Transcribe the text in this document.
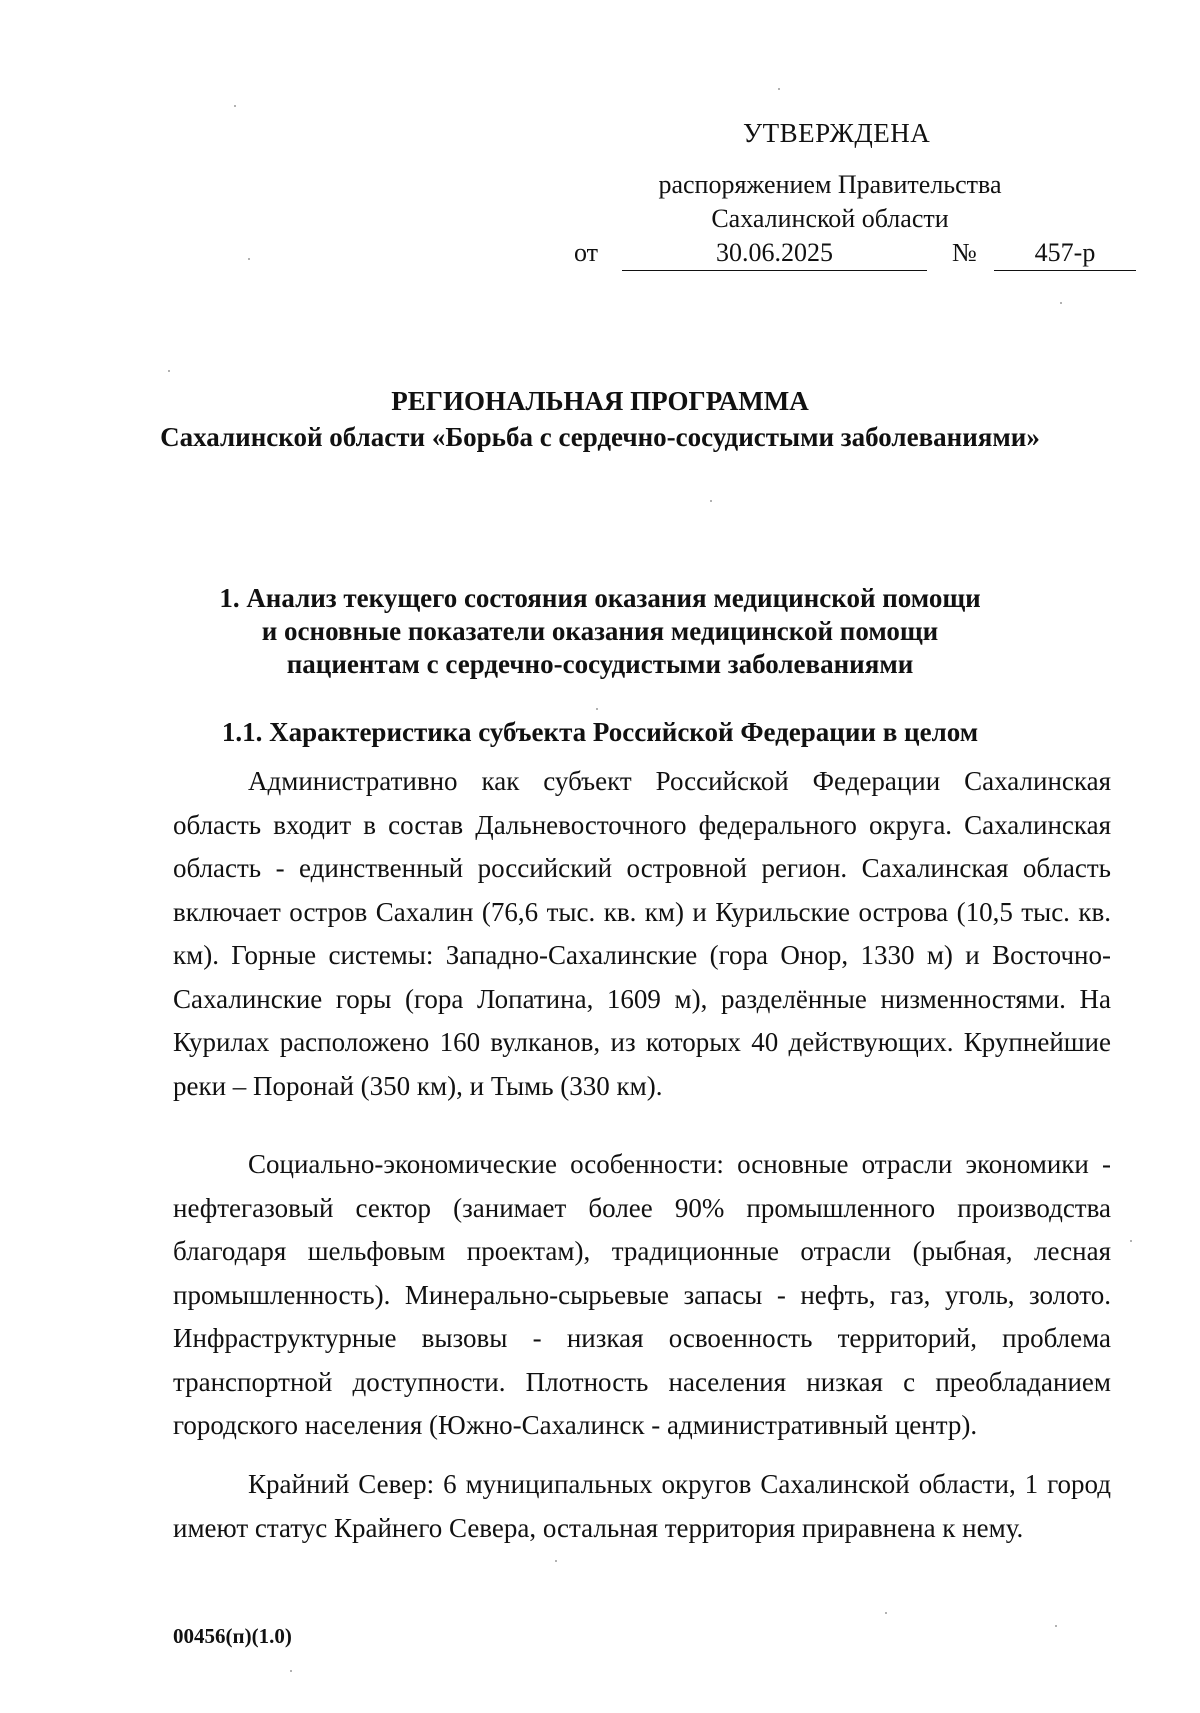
УТВЕРЖДЕНА
распоряжением Правительства
Сахалинской области
от	30.06.2025	№	457-р
РЕГИОНАЛЬНАЯ ПРОГРАММА
Сахалинской области «Борьба с сердечно-сосудистыми заболеваниями»
1. Анализ текущего состояния оказания медицинской помощи
и основные показатели оказания медицинской помощи
пациентам с сердечно-сосудистыми заболеваниями
1.1. Характеристика субъекта Российской Федерации в целом

Административно как субъект Российской Федерации Сахалинская область входит в состав Дальневосточного федерального округа. Сахалинская область - единственный российский островной регион. Сахалинская область включает остров Сахалин (76,6 тыс. кв. км) и Курильские острова (10,5 тыс. кв. км). Горные системы: Западно-Сахалинские (гора Онор, 1330 м) и Восточно-Сахалинские горы (гора Лопатина, 1609 м), разделённые низменностями. На Курилах расположено 160 вулканов, из которых 40 действующих. Крупнейшие реки – Поронай (350 км), и Тымь (330 км).

Социально-экономические особенности: основные отрасли экономики - нефтегазовый сектор (занимает более 90% промышленного производства благодаря шельфовым проектам), традиционные отрасли (рыбная, лесная промышленность). Минерально-сырьевые запасы - нефть, газ, уголь, золото. Инфраструктурные вызовы - низкая освоенность территорий, проблема транспортной доступности. Плотность населения низкая с преобладанием городского населения (Южно-Сахалинск - административный центр).

Крайний Север: 6 муниципальных округов Сахалинской области, 1 город имеют статус Крайнего Севера, остальная территория приравнена к нему.

00456(п)(1.0)
